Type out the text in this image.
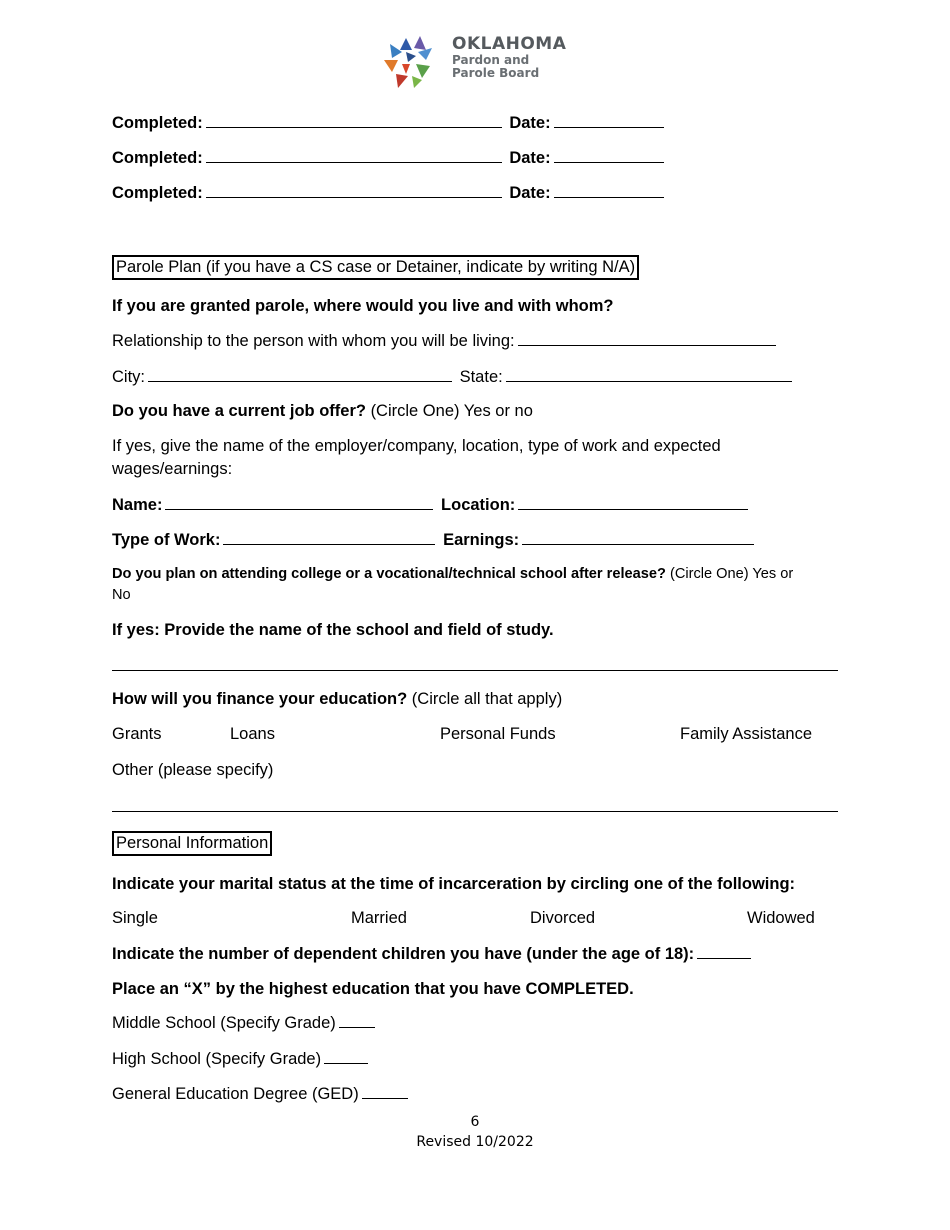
OKLAHOMA
Pardon and
Parole Board
Completed:	Date:
Completed:	Date:
Completed:	Date:
Parole Plan (if you have a CS case or Detainer, indicate by writing N/A)
If you are granted parole, where would you live and with whom?
Relationship to the person with whom you will be living:
City:	State:
Do you have a current job offer? (Circle One) Yes or no
If yes, give the name of the employer/company, location, type of work and expected
wages/earnings:
Name:	Location:
Type of Work:	Earnings:
Do you plan on attending college or a vocational/technical school after release? (Circle One) Yes or
No
If yes: Provide the name of the school and field of study.
How will you finance your education? (Circle all that apply)
Grants	Loans	Personal Funds	Family Assistance
Other (please specify)
Personal Information
Indicate your marital status at the time of incarceration by circling one of the following:
Single	Married	Divorced	Widowed
Indicate the number of dependent children you have (under the age of 18):
Place an “X” by the highest education that you have COMPLETED.
Middle School (Specify Grade)
High School (Specify Grade)
General Education Degree (GED)
6
Revised 10/2022
